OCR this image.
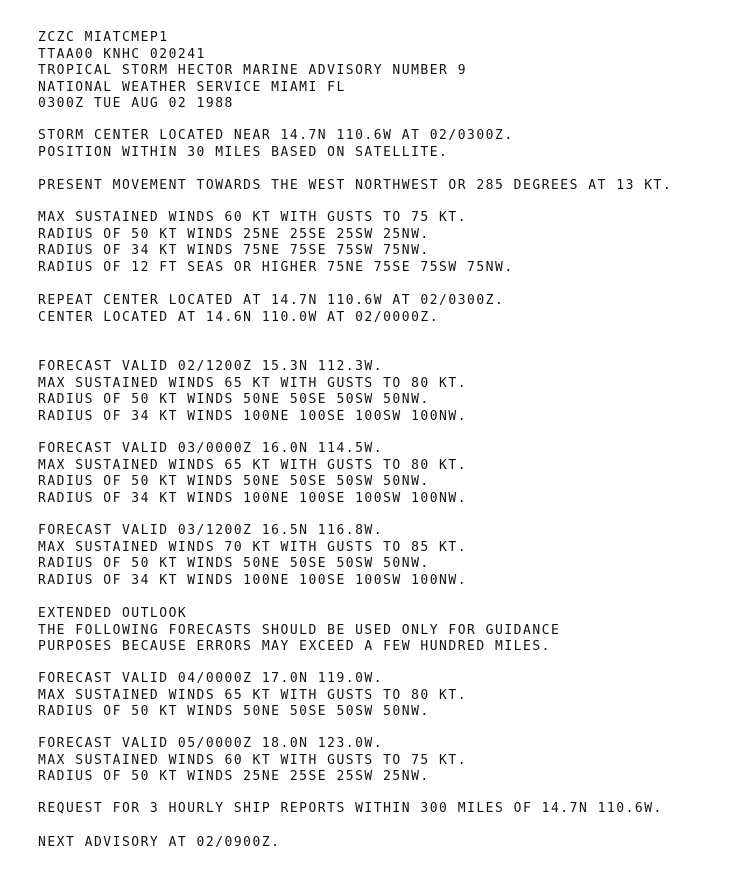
ZCZC MIATCMEP1
TTAA00 KNHC 020241
TROPICAL STORM HECTOR MARINE ADVISORY NUMBER 9
NATIONAL WEATHER SERVICE MIAMI FL
0300Z TUE AUG 02 1988
STORM CENTER LOCATED NEAR 14.7N 110.6W AT 02/0300Z.
POSITION WITHIN 30 MILES BASED ON SATELLITE.
PRESENT MOVEMENT TOWARDS THE WEST NORTHWEST OR 285 DEGREES AT 13 KT.
MAX SUSTAINED WINDS 60 KT WITH GUSTS TO 75 KT.
RADIUS OF 50 KT WINDS 25NE 25SE 25SW 25NW.
RADIUS OF 34 KT WINDS 75NE 75SE 75SW 75NW.
RADIUS OF 12 FT SEAS OR HIGHER 75NE 75SE 75SW 75NW.
REPEAT CENTER LOCATED AT 14.7N 110.6W AT 02/0300Z.
CENTER LOCATED AT 14.6N 110.0W AT 02/0000Z.
FORECAST VALID 02/1200Z 15.3N 112.3W.
MAX SUSTAINED WINDS 65 KT WITH GUSTS TO 80 KT.
RADIUS OF 50 KT WINDS 50NE 50SE 50SW 50NW.
RADIUS OF 34 KT WINDS 100NE 100SE 100SW 100NW.
FORECAST VALID 03/0000Z 16.0N 114.5W.
MAX SUSTAINED WINDS 65 KT WITH GUSTS TO 80 KT.
RADIUS OF 50 KT WINDS 50NE 50SE 50SW 50NW.
RADIUS OF 34 KT WINDS 100NE 100SE 100SW 100NW.
FORECAST VALID 03/1200Z 16.5N 116.8W.
MAX SUSTAINED WINDS 70 KT WITH GUSTS TO 85 KT.
RADIUS OF 50 KT WINDS 50NE 50SE 50SW 50NW.
RADIUS OF 34 KT WINDS 100NE 100SE 100SW 100NW.
EXTENDED OUTLOOK
THE FOLLOWING FORECASTS SHOULD BE USED ONLY FOR GUIDANCE
PURPOSES BECAUSE ERRORS MAY EXCEED A FEW HUNDRED MILES.
FORECAST VALID 04/0000Z 17.0N 119.0W.
MAX SUSTAINED WINDS 65 KT WITH GUSTS TO 80 KT.
RADIUS OF 50 KT WINDS 50NE 50SE 50SW 50NW.
FORECAST VALID 05/0000Z 18.0N 123.0W.
MAX SUSTAINED WINDS 60 KT WITH GUSTS TO 75 KT.
RADIUS OF 50 KT WINDS 25NE 25SE 25SW 25NW.
REQUEST FOR 3 HOURLY SHIP REPORTS WITHIN 300 MILES OF 14.7N 110.6W.
NEXT ADVISORY AT 02/0900Z.
